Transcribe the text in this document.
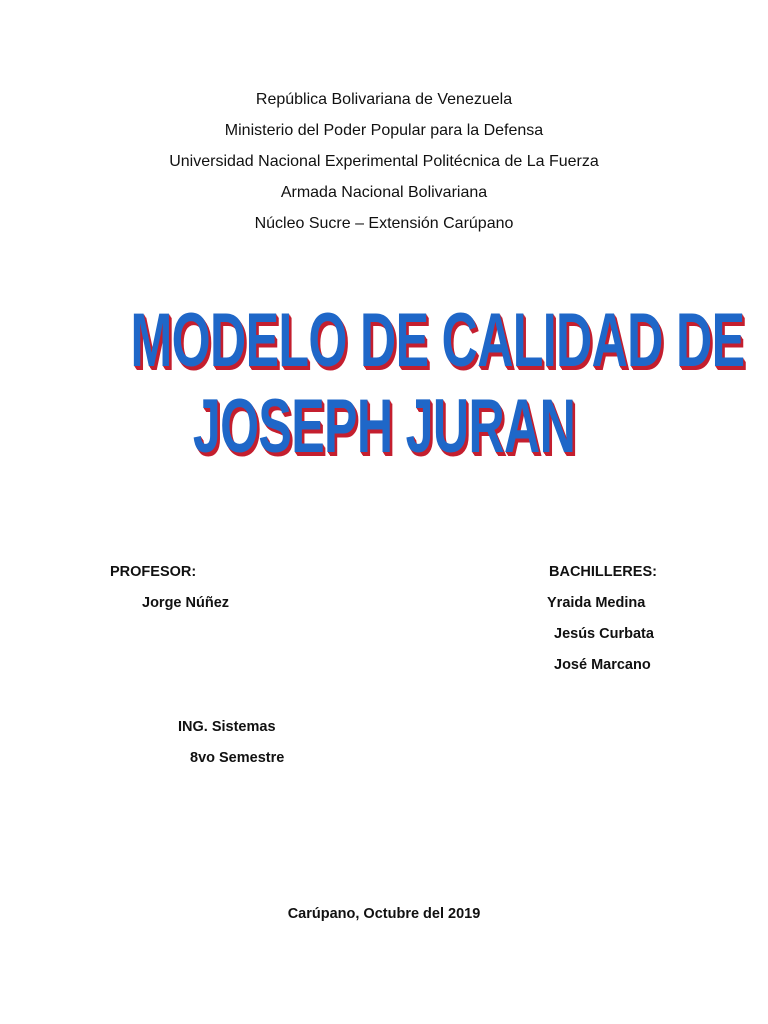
República Bolivariana de Venezuela
Ministerio del Poder Popular para la Defensa
Universidad Nacional Experimental Politécnica de La Fuerza
Armada Nacional Bolivariana
Núcleo Sucre – Extensión Carúpano
MODELO DE CALIDAD DE
JOSEPH JURAN
PROFESOR:
Jorge Núñez
BACHILLERES:
Yraida Medina
Jesús Curbata
José Marcano
ING. Sistemas
8vo Semestre
Carúpano, Octubre del 2019
